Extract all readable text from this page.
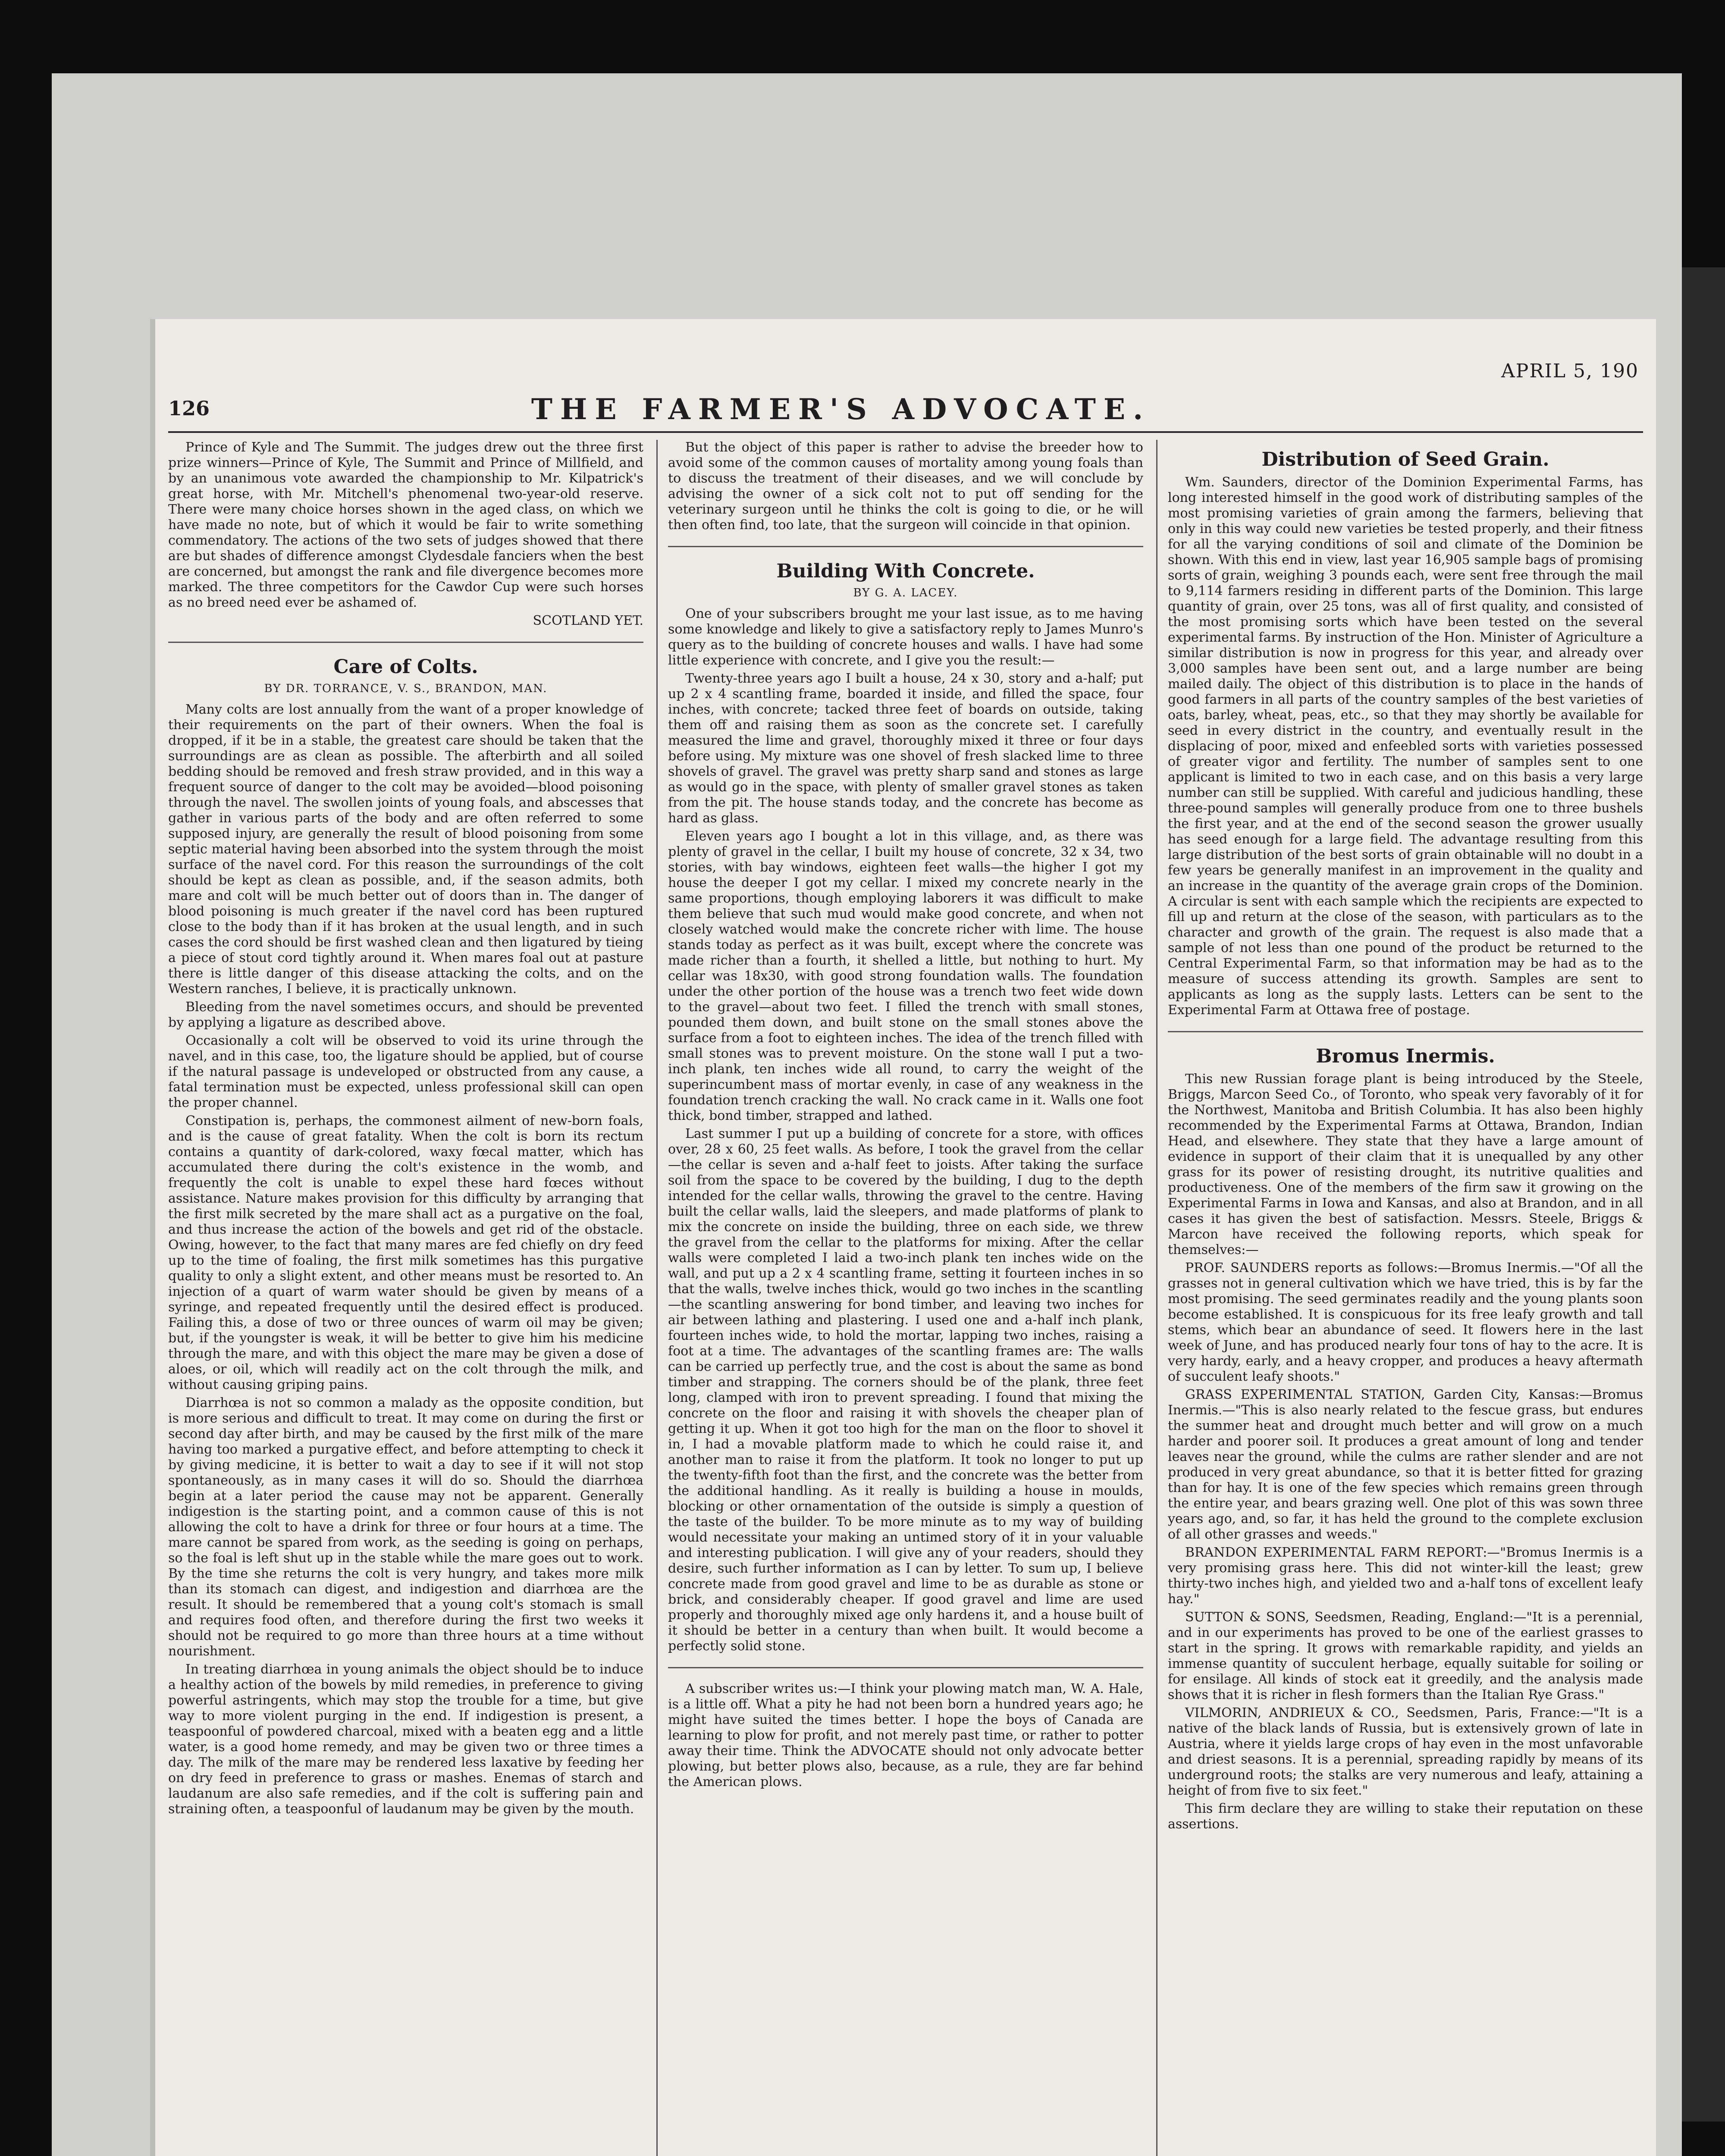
APRIL 5, 190
126	THE FARMER'S ADVOCATE.

Prince of Kyle and The Summit. The judges drew out the three first prize winners—Prince of Kyle, The Summit and Prince of Millfield, and by an unanimous vote awarded the championship to Mr. Kilpatrick's great horse, with Mr. Mitchell's phenomenal two-year-old reserve. There were many choice horses shown in the aged class, on which we have made no note, but of which it would be fair to write something commendatory. The actions of the two sets of judges showed that there are but shades of difference amongst Clydesdale fanciers when the best are concerned, but amongst the rank and file divergence becomes more marked. The three competitors for the Cawdor Cup were such horses as no breed need ever be ashamed of.

SCOTLAND YET.

Care of Colts.
BY DR. TORRANCE, V. S., BRANDON, MAN.

Many colts are lost annually from the want of a proper knowledge of their requirements on the part of their owners. When the foal is dropped, if it be in a stable, the greatest care should be taken that the surroundings are as clean as possible. The afterbirth and all soiled bedding should be removed and fresh straw provided, and in this way a frequent source of danger to the colt may be avoided—blood poisoning through the navel. The swollen joints of young foals, and abscesses that gather in various parts of the body and are often referred to some supposed injury, are generally the result of blood poisoning from some septic material having been absorbed into the system through the moist surface of the navel cord. For this reason the surroundings of the colt should be kept as clean as possible, and, if the season admits, both mare and colt will be much better out of doors than in. The danger of blood poisoning is much greater if the navel cord has been ruptured close to the body than if it has broken at the usual length, and in such cases the cord should be first washed clean and then ligatured by tieing a piece of stout cord tightly around it. When mares foal out at pasture there is little danger of this disease attacking the colts, and on the Western ranches, I believe, it is practically unknown.

Bleeding from the navel sometimes occurs, and should be prevented by applying a ligature as described above.

Occasionally a colt will be observed to void its urine through the navel, and in this case, too, the ligature should be applied, but of course if the natural passage is undeveloped or obstructed from any cause, a fatal termination must be expected, unless professional skill can open the proper channel.

Constipation is, perhaps, the commonest ailment of new-born foals, and is the cause of great fatality. When the colt is born its rectum contains a quantity of dark-colored, waxy fœcal matter, which has accumulated there during the colt's existence in the womb, and frequently the colt is unable to expel these hard fœces without assistance. Nature makes provision for this difficulty by arranging that the first milk secreted by the mare shall act as a purgative on the foal, and thus increase the action of the bowels and get rid of the obstacle. Owing, however, to the fact that many mares are fed chiefly on dry feed up to the time of foaling, the first milk sometimes has this purgative quality to only a slight extent, and other means must be resorted to. An injection of a quart of warm water should be given by means of a syringe, and repeated frequently until the desired effect is produced. Failing this, a dose of two or three ounces of warm oil may be given; but, if the youngster is weak, it will be better to give him his medicine through the mare, and with this object the mare may be given a dose of aloes, or oil, which will readily act on the colt through the milk, and without causing griping pains.

Diarrhœa is not so common a malady as the opposite condition, but is more serious and difficult to treat. It may come on during the first or second day after birth, and may be caused by the first milk of the mare having too marked a purgative effect, and before attempting to check it by giving medicine, it is better to wait a day to see if it will not stop spontaneously, as in many cases it will do so. Should the diarrhœa begin at a later period the cause may not be apparent. Generally indigestion is the starting point, and a common cause of this is not allowing the colt to have a drink for three or four hours at a time. The mare cannot be spared from work, as the seeding is going on perhaps, so the foal is left shut up in the stable while the mare goes out to work. By the time she returns the colt is very hungry, and takes more milk than its stomach can digest, and indigestion and diarrhœa are the result. It should be remembered that a young colt's stomach is small and requires food often, and therefore during the first two weeks it should not be required to go more than three hours at a time without nourishment.

In treating diarrhœa in young animals the object should be to induce a healthy action of the bowels by mild remedies, in preference to giving powerful astringents, which may stop the trouble for a time, but give way to more violent purging in the end. If indigestion is present, a teaspoonful of powdered charcoal, mixed with a beaten egg and a little water, is a good home remedy, and may be given two or three times a day. The milk of the mare may be rendered less laxative by feeding her on dry feed in preference to grass or mashes. Enemas of starch and laudanum are also safe remedies, and if the colt is suffering pain and straining often, a teaspoonful of laudanum may be given by the mouth.

But the object of this paper is rather to advise the breeder how to avoid some of the common causes of mortality among young foals than to discuss the treatment of their diseases, and we will conclude by advising the owner of a sick colt not to put off sending for the veterinary surgeon until he thinks the colt is going to die, or he will then often find, too late, that the surgeon will coincide in that opinion.

Building With Concrete.
BY G. A. LACEY.

One of your subscribers brought me your last issue, as to me having some knowledge and likely to give a satisfactory reply to James Munro's query as to the building of concrete houses and walls. I have had some little experience with concrete, and I give you the result:—

Twenty-three years ago I built a house, 24 x 30, story and a-half; put up 2 x 4 scantling frame, boarded it inside, and filled the space, four inches, with concrete; tacked three feet of boards on outside, taking them off and raising them as soon as the concrete set. I carefully measured the lime and gravel, thoroughly mixed it three or four days before using. My mixture was one shovel of fresh slacked lime to three shovels of gravel. The gravel was pretty sharp sand and stones as large as would go in the space, with plenty of smaller gravel stones as taken from the pit. The house stands today, and the concrete has become as hard as glass.

Eleven years ago I bought a lot in this village, and, as there was plenty of gravel in the cellar, I built my house of concrete, 32 x 34, two stories, with bay windows, eighteen feet walls—the higher I got my house the deeper I got my cellar. I mixed my concrete nearly in the same proportions, though employing laborers it was difficult to make them believe that such mud would make good concrete, and when not closely watched would make the concrete richer with lime. The house stands today as perfect as it was built, except where the concrete was made richer than a fourth, it shelled a little, but nothing to hurt. My cellar was 18x30, with good strong foundation walls. The foundation under the other portion of the house was a trench two feet wide down to the gravel—about two feet. I filled the trench with small stones, pounded them down, and built stone on the small stones above the surface from a foot to eighteen inches. The idea of the trench filled with small stones was to prevent moisture. On the stone wall I put a two-inch plank, ten inches wide all round, to carry the weight of the superincumbent mass of mortar evenly, in case of any weakness in the foundation trench cracking the wall. No crack came in it. Walls one foot thick, bond timber, strapped and lathed.

Last summer I put up a building of concrete for a store, with offices over, 28 x 60, 25 feet walls. As before, I took the gravel from the cellar—the cellar is seven and a-half feet to joists. After taking the surface soil from the space to be covered by the building, I dug to the depth intended for the cellar walls, throwing the gravel to the centre. Having built the cellar walls, laid the sleepers, and made platforms of plank to mix the concrete on inside the building, three on each side, we threw the gravel from the cellar to the platforms for mixing. After the cellar walls were completed I laid a two-inch plank ten inches wide on the wall, and put up a 2 x 4 scantling frame, setting it fourteen inches in so that the walls, twelve inches thick, would go two inches in the scantling—the scantling answering for bond timber, and leaving two inches for air between lathing and plastering. I used one and a-half inch plank, fourteen inches wide, to hold the mortar, lapping two inches, raising a foot at a time. The advantages of the scantling frames are: The walls can be carried up perfectly true, and the cost is about the same as bond timber and strapping. The corners should be of the plank, three feet long, clamped with iron to prevent spreading. I found that mixing the concrete on the floor and raising it with shovels the cheaper plan of getting it up. When it got too high for the man on the floor to shovel it in, I had a movable platform made to which he could raise it, and another man to raise it from the platform. It took no longer to put up the twenty-fifth foot than the first, and the concrete was the better from the additional handling. As it really is building a house in moulds, blocking or other ornamentation of the outside is simply a question of the taste of the builder. To be more minute as to my way of building would necessitate your making an untimed story of it in your valuable and interesting publication. I will give any of your readers, should they desire, such further information as I can by letter. To sum up, I believe concrete made from good gravel and lime to be as durable as stone or brick, and considerably cheaper. If good gravel and lime are used properly and thoroughly mixed age only hardens it, and a house built of it should be better in a century than when built. It would become a perfectly solid stone.

A subscriber writes us:—I think your plowing match man, W. A. Hale, is a little off. What a pity he had not been born a hundred years ago; he might have suited the times better. I hope the boys of Canada are learning to plow for profit, and not merely past time, or rather to potter away their time. Think the ADVOCATE should not only advocate better plowing, but better plows also, because, as a rule, they are far behind the American plows.

Distribution of Seed Grain.

Wm. Saunders, director of the Dominion Experimental Farms, has long interested himself in the good work of distributing samples of the most promising varieties of grain among the farmers, believing that only in this way could new varieties be tested properly, and their fitness for all the varying conditions of soil and climate of the Dominion be shown. With this end in view, last year 16,905 sample bags of promising sorts of grain, weighing 3 pounds each, were sent free through the mail to 9,114 farmers residing in different parts of the Dominion. This large quantity of grain, over 25 tons, was all of first quality, and consisted of the most promising sorts which have been tested on the several experimental farms. By instruction of the Hon. Minister of Agriculture a similar distribution is now in progress for this year, and already over 3,000 samples have been sent out, and a large number are being mailed daily. The object of this distribution is to place in the hands of good farmers in all parts of the country samples of the best varieties of oats, barley, wheat, peas, etc., so that they may shortly be available for seed in every district in the country, and eventually result in the displacing of poor, mixed and enfeebled sorts with varieties possessed of greater vigor and fertility. The number of samples sent to one applicant is limited to two in each case, and on this basis a very large number can still be supplied. With careful and judicious handling, these three-pound samples will generally produce from one to three bushels the first year, and at the end of the second season the grower usually has seed enough for a large field. The advantage resulting from this large distribution of the best sorts of grain obtainable will no doubt in a few years be generally manifest in an improvement in the quality and an increase in the quantity of the average grain crops of the Dominion. A circular is sent with each sample which the recipients are expected to fill up and return at the close of the season, with particulars as to the character and growth of the grain. The request is also made that a sample of not less than one pound of the product be returned to the Central Experimental Farm, so that information may be had as to the measure of success attending its growth. Samples are sent to applicants as long as the supply lasts. Letters can be sent to the Experimental Farm at Ottawa free of postage.

Bromus Inermis.

This new Russian forage plant is being introduced by the Steele, Briggs, Marcon Seed Co., of Toronto, who speak very favorably of it for the Northwest, Manitoba and British Columbia. It has also been highly recommended by the Experimental Farms at Ottawa, Brandon, Indian Head, and elsewhere. They state that they have a large amount of evidence in support of their claim that it is unequalled by any other grass for its power of resisting drought, its nutritive qualities and productiveness. One of the members of the firm saw it growing on the Experimental Farms in Iowa and Kansas, and also at Brandon, and in all cases it has given the best of satisfaction. Messrs. Steele, Briggs & Marcon have received the following reports, which speak for themselves:—

PROF. SAUNDERS reports as follows:—Bromus Inermis.—"Of all the grasses not in general cultivation which we have tried, this is by far the most promising. The seed germinates readily and the young plants soon become established. It is conspicuous for its free leafy growth and tall stems, which bear an abundance of seed. It flowers here in the last week of June, and has produced nearly four tons of hay to the acre. It is very hardy, early, and a heavy cropper, and produces a heavy aftermath of succulent leafy shoots."

GRASS EXPERIMENTAL STATION, Garden City, Kansas:—Bromus Inermis.—"This is also nearly related to the fescue grass, but endures the summer heat and drought much better and will grow on a much harder and poorer soil. It produces a great amount of long and tender leaves near the ground, while the culms are rather slender and are not produced in very great abundance, so that it is better fitted for grazing than for hay. It is one of the few species which remains green through the entire year, and bears grazing well. One plot of this was sown three years ago, and, so far, it has held the ground to the complete exclusion of all other grasses and weeds."

BRANDON EXPERIMENTAL FARM REPORT:—"Bromus Inermis is a very promising grass here. This did not winter-kill the least; grew thirty-two inches high, and yielded two and a-half tons of excellent leafy hay."

SUTTON & SONS, Seedsmen, Reading, England:—"It is a perennial, and in our experiments has proved to be one of the earliest grasses to start in the spring. It grows with remarkable rapidity, and yields an immense quantity of succulent herbage, equally suitable for soiling or for ensilage. All kinds of stock eat it greedily, and the analysis made shows that it is richer in flesh formers than the Italian Rye Grass."

VILMORIN, ANDRIEUX & CO., Seedsmen, Paris, France:—"It is a native of the black lands of Russia, but is extensively grown of late in Austria, where it yields large crops of hay even in the most unfavorable and driest seasons. It is a perennial, spreading rapidly by means of its underground roots; the stalks are very numerous and leafy, attaining a height of from five to six feet."

This firm declare they are willing to stake their reputation on these assertions.
